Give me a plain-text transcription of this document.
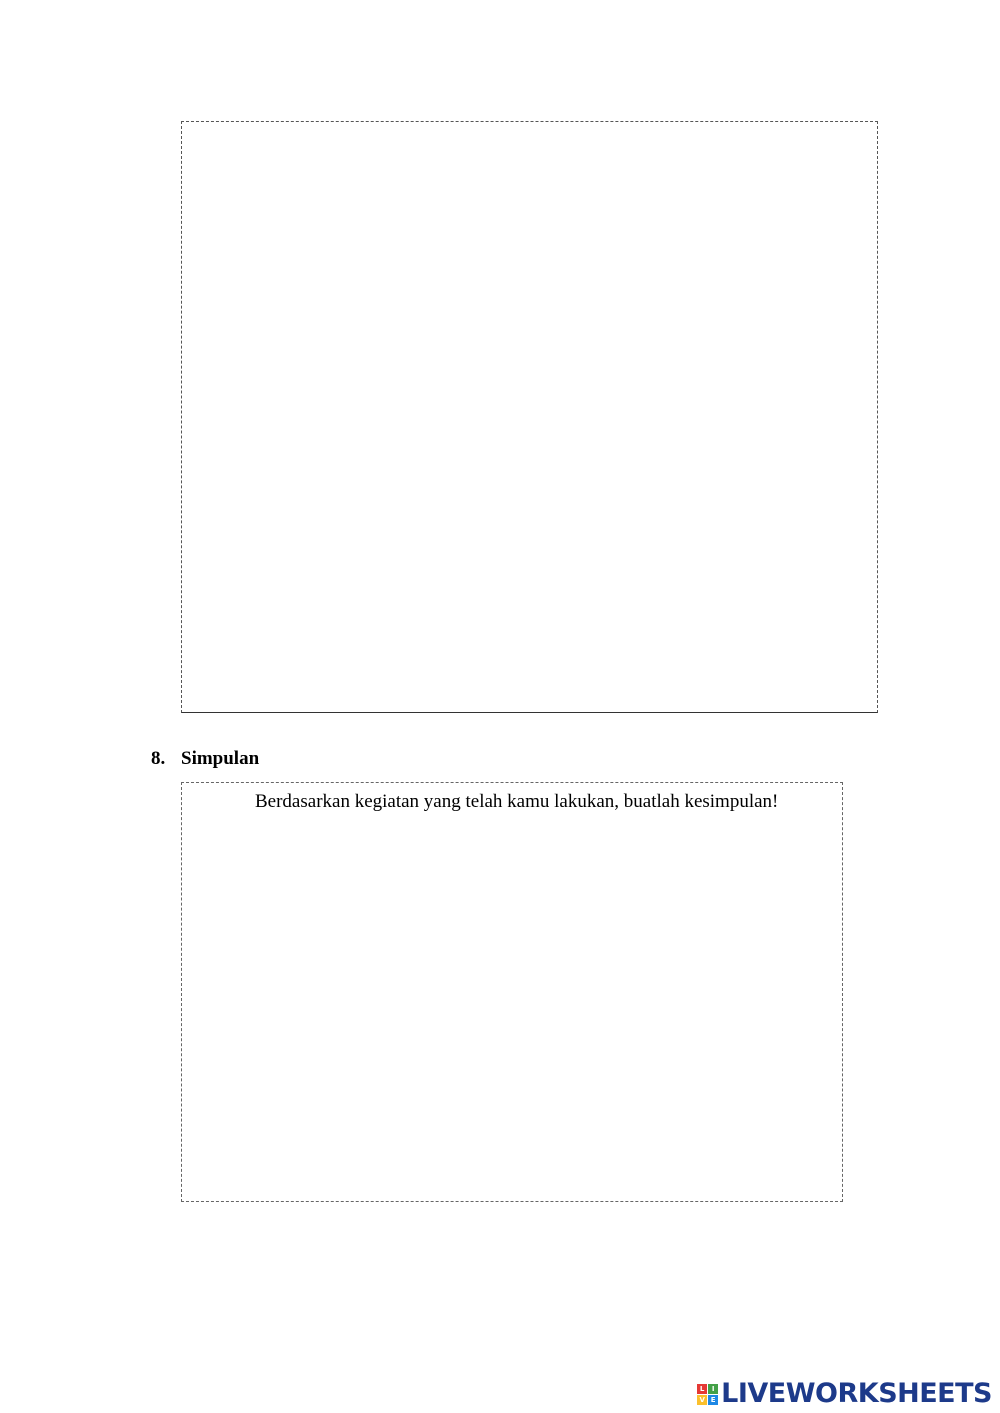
8. Simpulan
Berdasarkan kegiatan yang telah kamu lakukan, buatlah kesimpulan!
L	I
V E LIVEWORKSHEETS
